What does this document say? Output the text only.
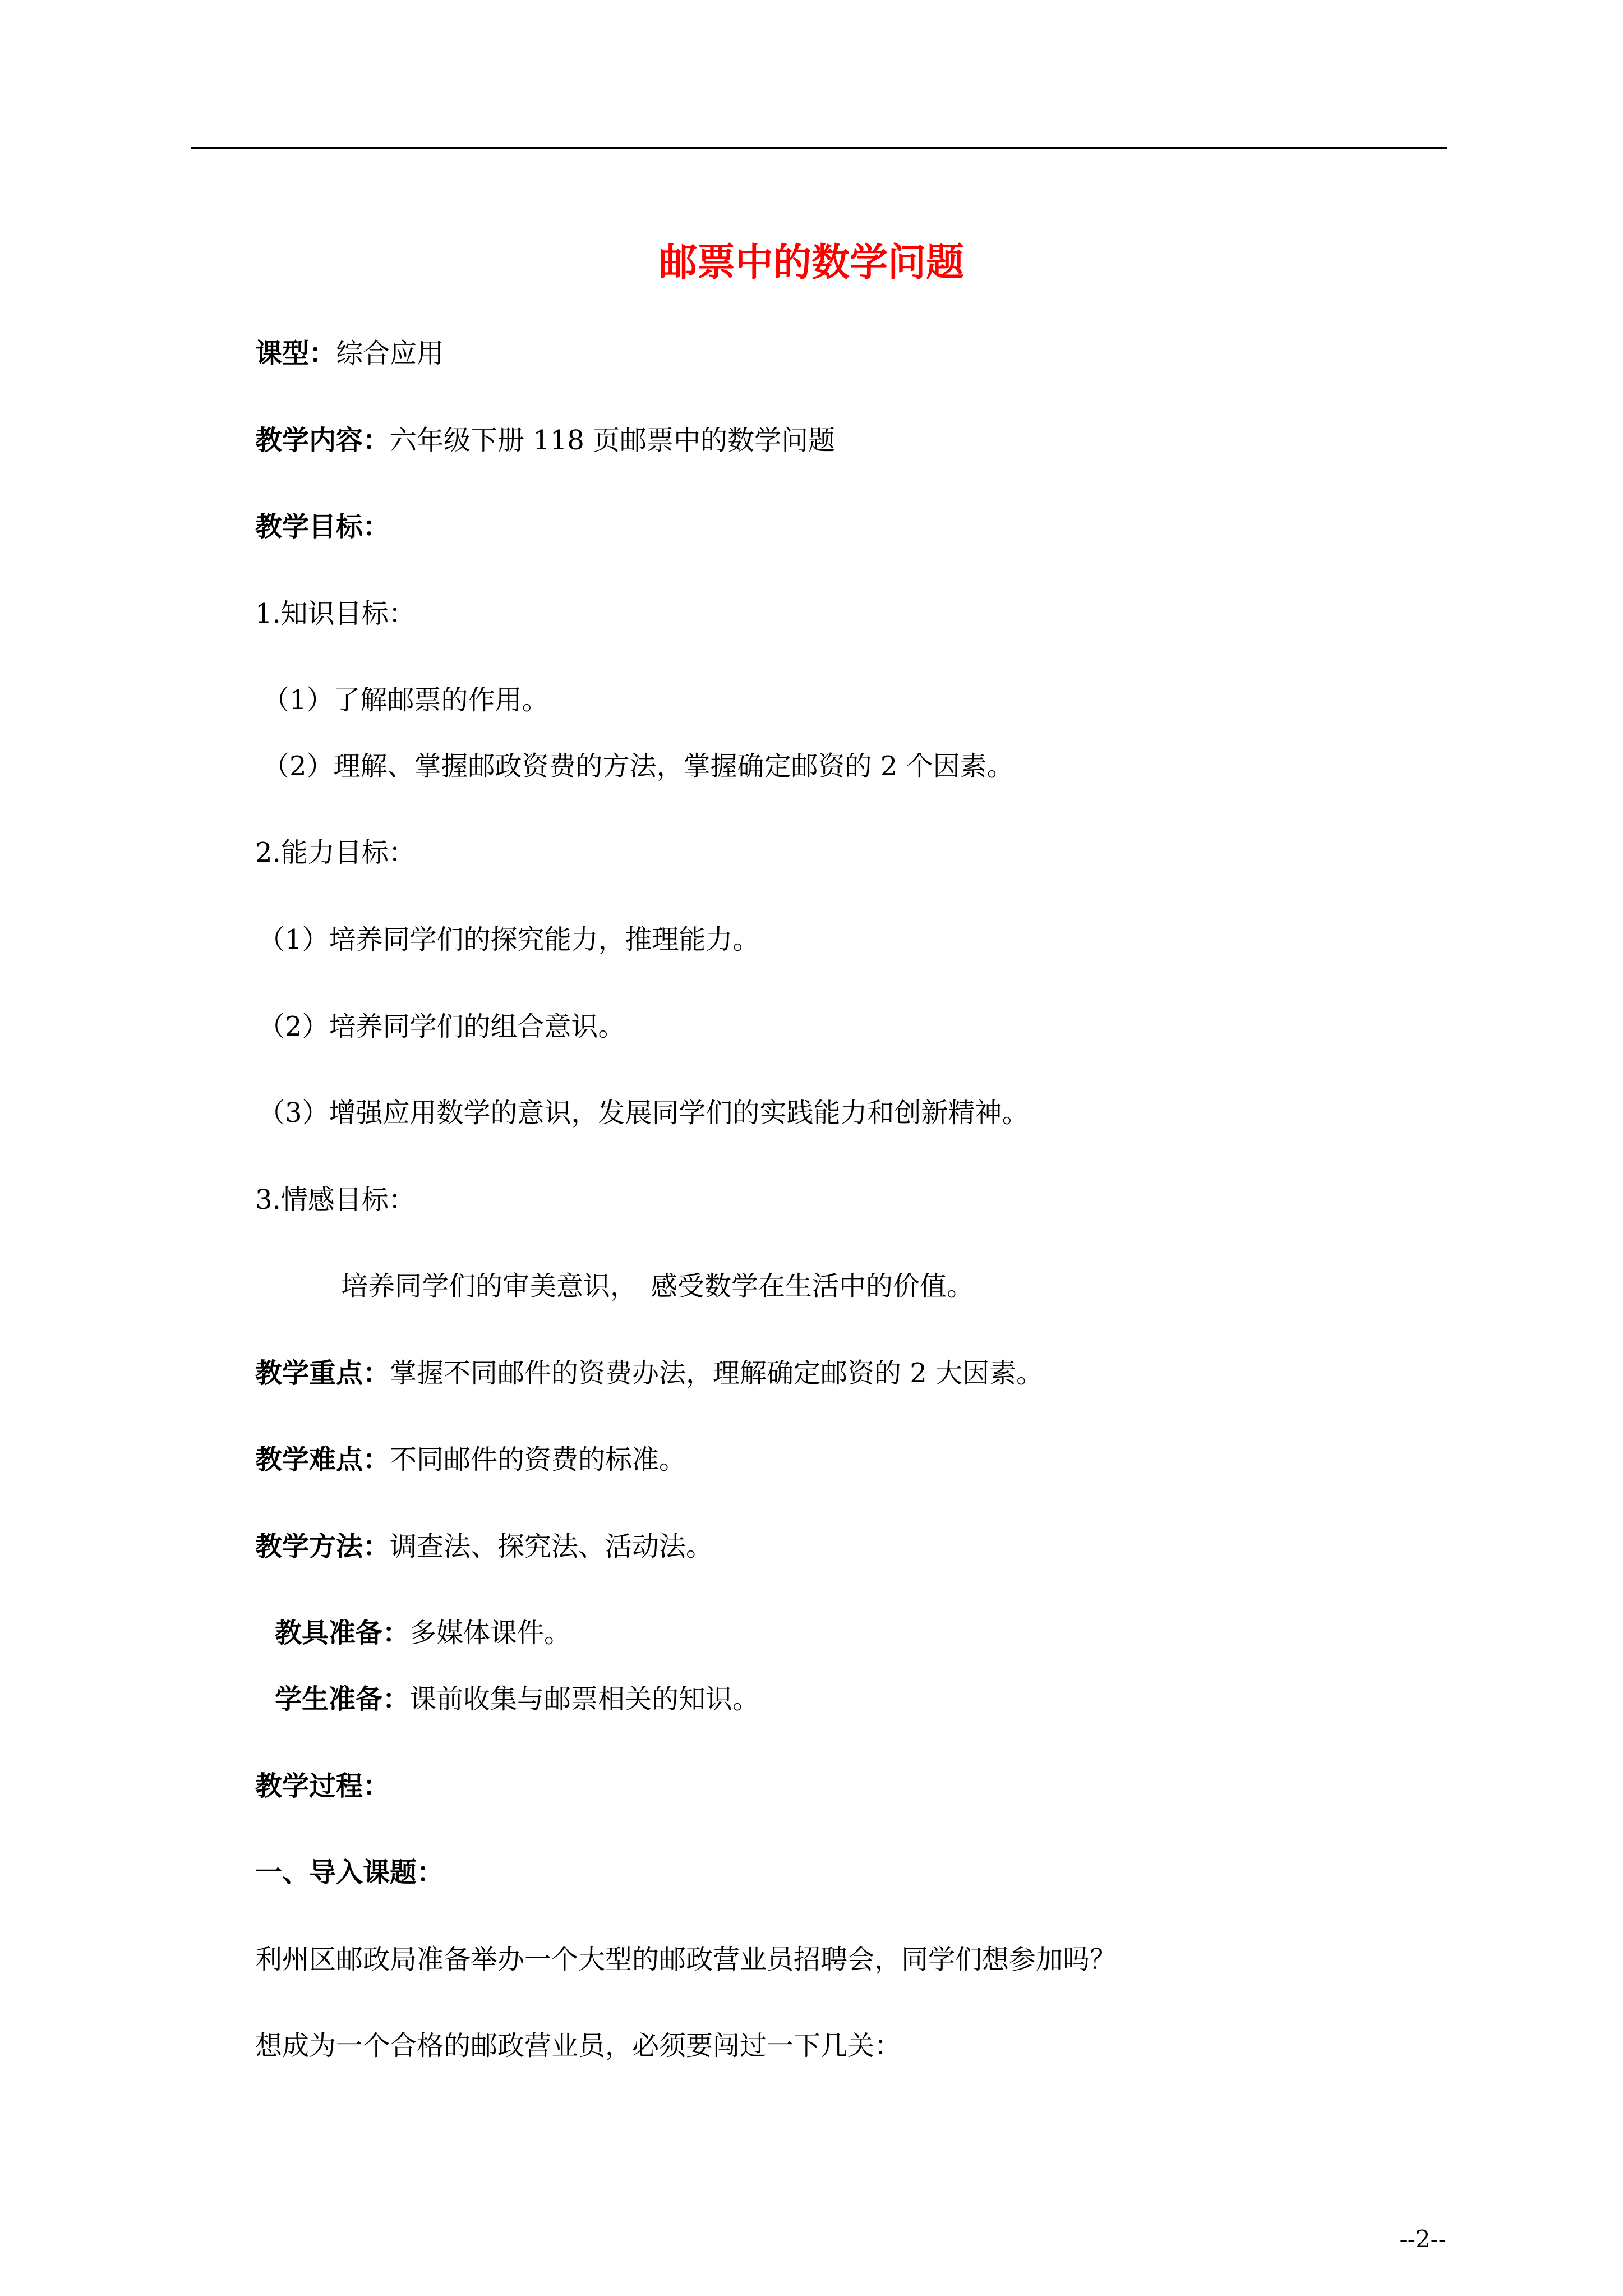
邮票中的数学问题
课型：综合应用
教学内容：六年级下册 118 页邮票中的数学问题
教学目标：
1.知识目标：
（1）了解邮票的作用。
（2）理解、掌握邮政资费的方法，掌握确定邮资的 2 个因素。
2.能力目标：
（1）培养同学们的探究能力，推理能力。
（2）培养同学们的组合意识。
（3）增强应用数学的意识，发展同学们的实践能力和创新精神。
3.情感目标：
培养同学们的审美意识，　感受数学在生活中的价值。
教学重点：掌握不同邮件的资费办法，理解确定邮资的 2 大因素。
教学难点：不同邮件的资费的标准。
教学方法：调查法、探究法、活动法。
教具准备：多媒体课件。
学生准备：课前收集与邮票相关的知识。
教学过程：
一、导入课题：
利州区邮政局准备举办一个大型的邮政营业员招聘会，同学们想参加吗？
想成为一个合格的邮政营业员，必须要闯过一下几关：
--2--
